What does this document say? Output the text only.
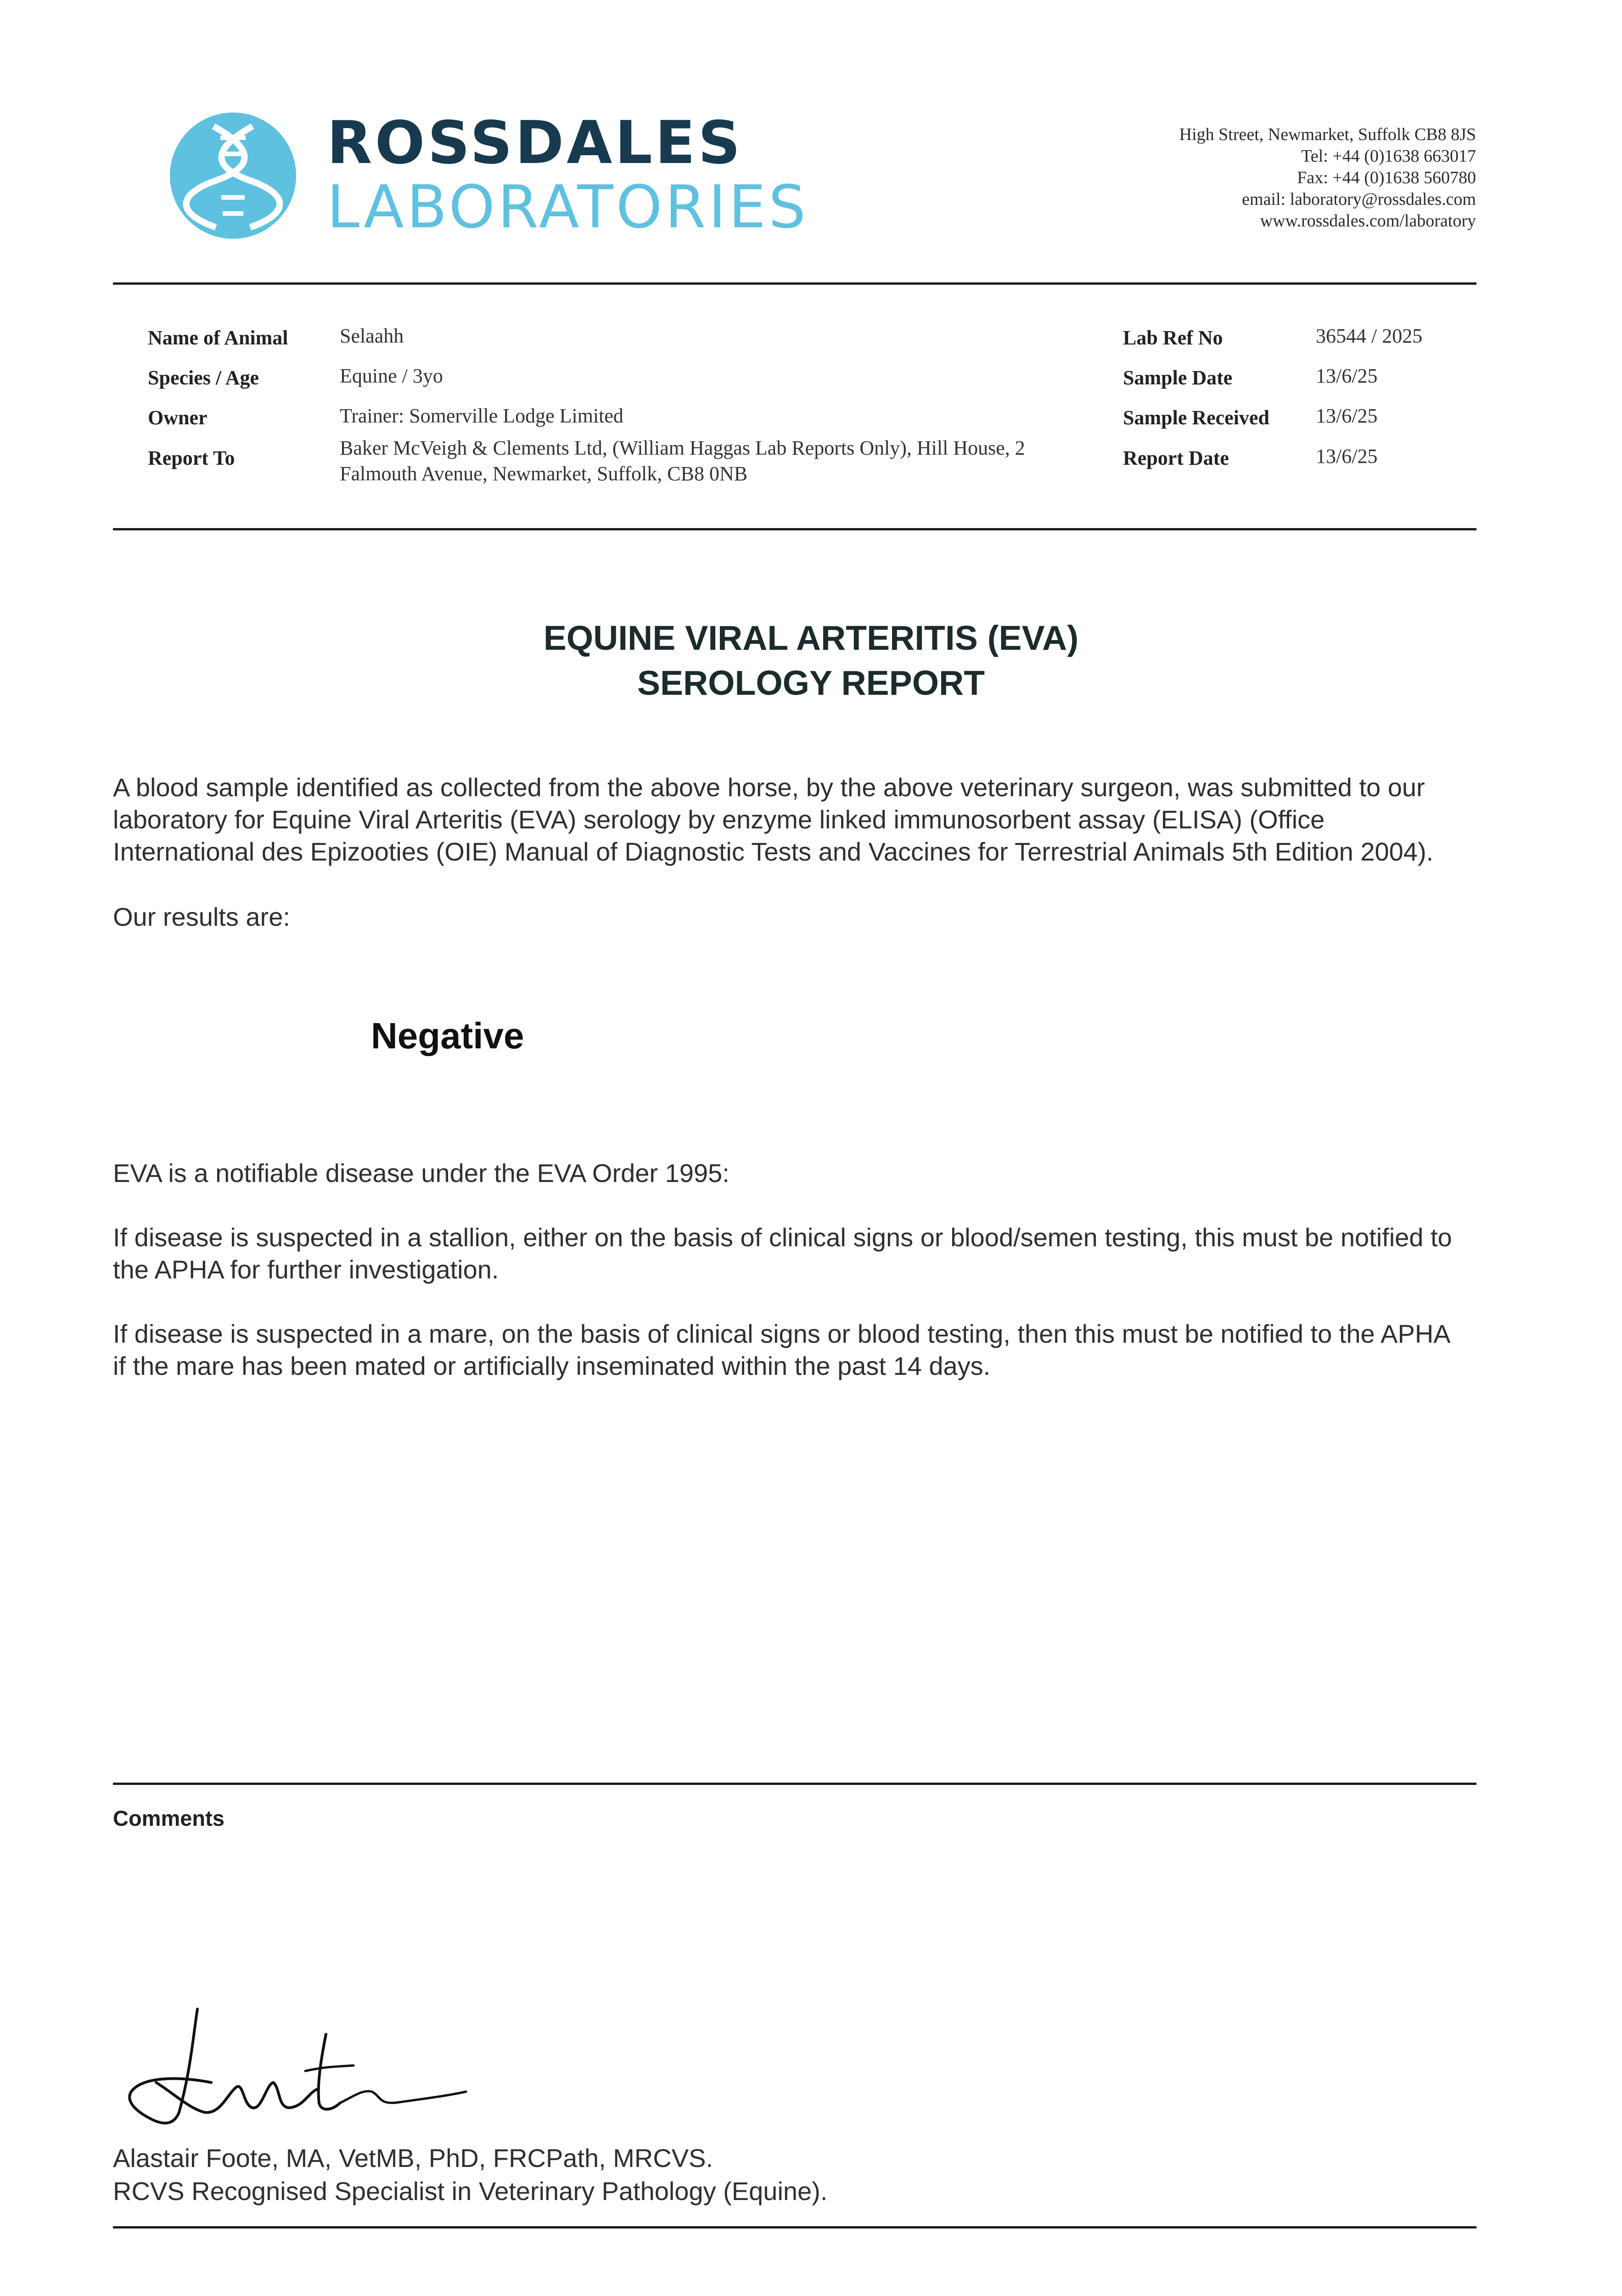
ROSSDALES
LABORATORIES
High Street, Newmarket, Suffolk CB8 8JS
Tel: +44 (0)1638 663017
Fax: +44 (0)1638 560780
email: laboratory@rossdales.com
www.rossdales.com/laboratory
Name of Animal	Selaahh
Species / Age	Equine / 3yo
Owner	Trainer: Somerville Lodge Limited
Report To	Baker McVeigh & Clements Ltd, (William Haggas Lab Reports Only), Hill House, 2
Falmouth Avenue, Newmarket, Suffolk, CB8 0NB
Lab Ref No	36544 / 2025
Sample Date	13/6/25
Sample Received 13/6/25
Report Date	13/6/25
EQUINE VIRAL ARTERITIS (EVA)
SEROLOGY REPORT
A blood sample identified as collected from the above horse, by the above veterinary surgeon, was submitted to our
laboratory for Equine Viral Arteritis (EVA) serology by enzyme linked immunosorbent assay (ELISA) (Office
International des Epizooties (OIE) Manual of Diagnostic Tests and Vaccines for Terrestrial Animals 5th Edition 2004).
Our results are:
Negative
EVA is a notifiable disease under the EVA Order 1995:
If disease is suspected in a stallion, either on the basis of clinical signs or blood/semen testing, this must be notified to
the APHA for further investigation.
If disease is suspected in a mare, on the basis of clinical signs or blood testing, then this must be notified to the APHA
if the mare has been mated or artificially inseminated within the past 14 days.
Comments
Alastair Foote, MA, VetMB, PhD, FRCPath, MRCVS.
RCVS Recognised Specialist in Veterinary Pathology (Equine).
